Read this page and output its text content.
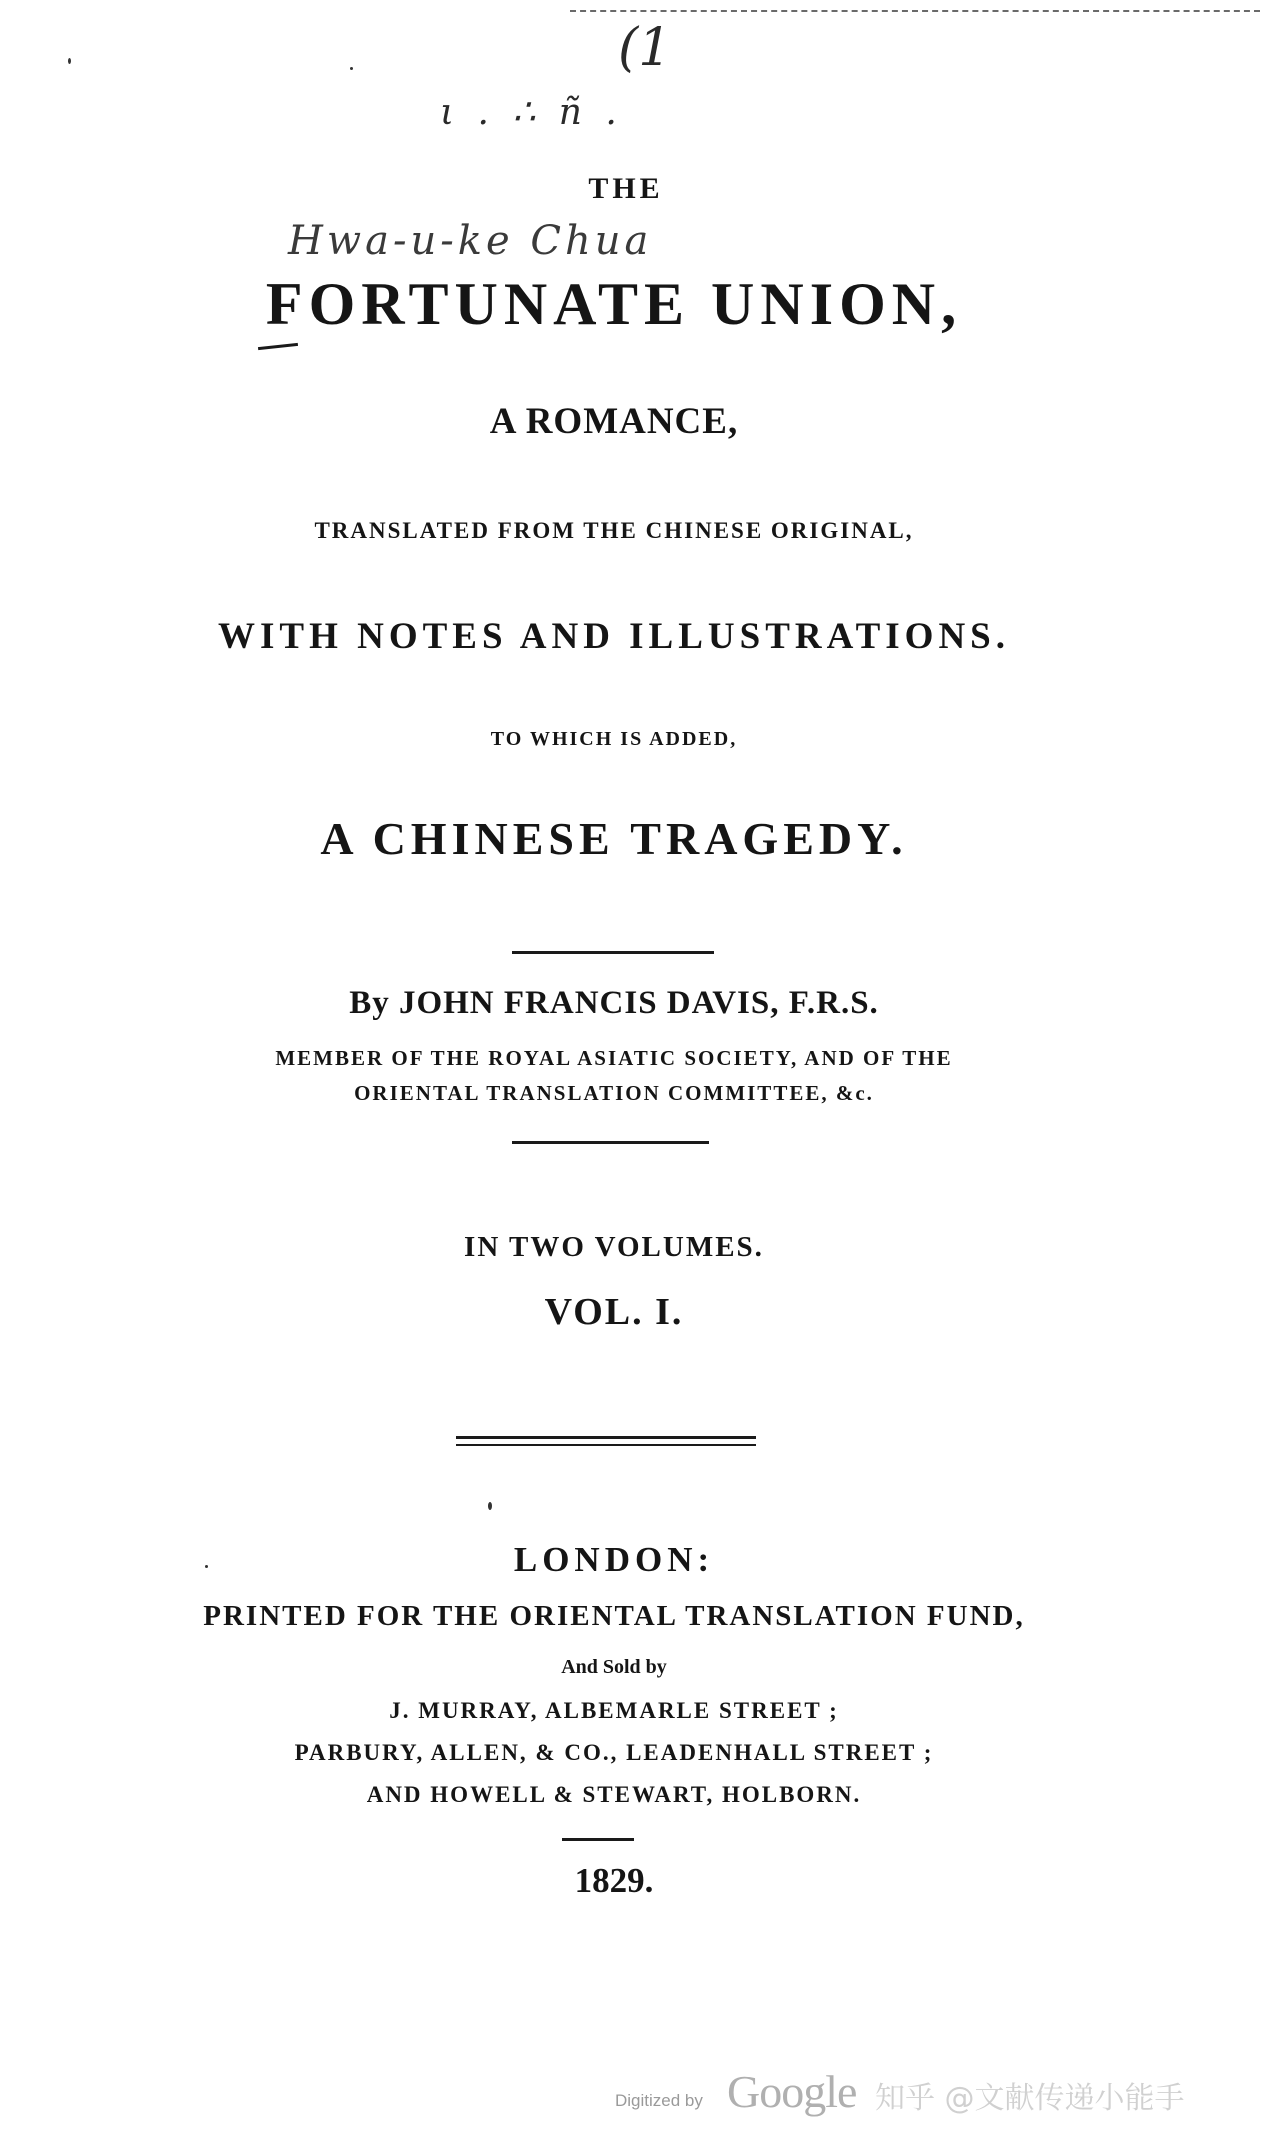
(1
ι . ∴ ñ .
Hwa-u-ke Chua
THE
FORTUNATE UNION,
A ROMANCE,
TRANSLATED FROM THE CHINESE ORIGINAL,
WITH NOTES AND ILLUSTRATIONS.
TO WHICH IS ADDED,
A CHINESE TRAGEDY.
By JOHN FRANCIS DAVIS, F.R.S.
MEMBER OF THE ROYAL ASIATIC SOCIETY, AND OF THE
ORIENTAL TRANSLATION COMMITTEE, &c.
IN TWO VOLUMES.
VOL. I.
LONDON:
PRINTED FOR THE ORIENTAL TRANSLATION FUND,
And Sold by
J. MURRAY, ALBEMARLE STREET ;
PARBURY, ALLEN, & CO., LEADENHALL STREET ;
AND HOWELL & STEWART, HOLBORN.
1829.
Digitized by Google 知乎 @文献传递小能手
